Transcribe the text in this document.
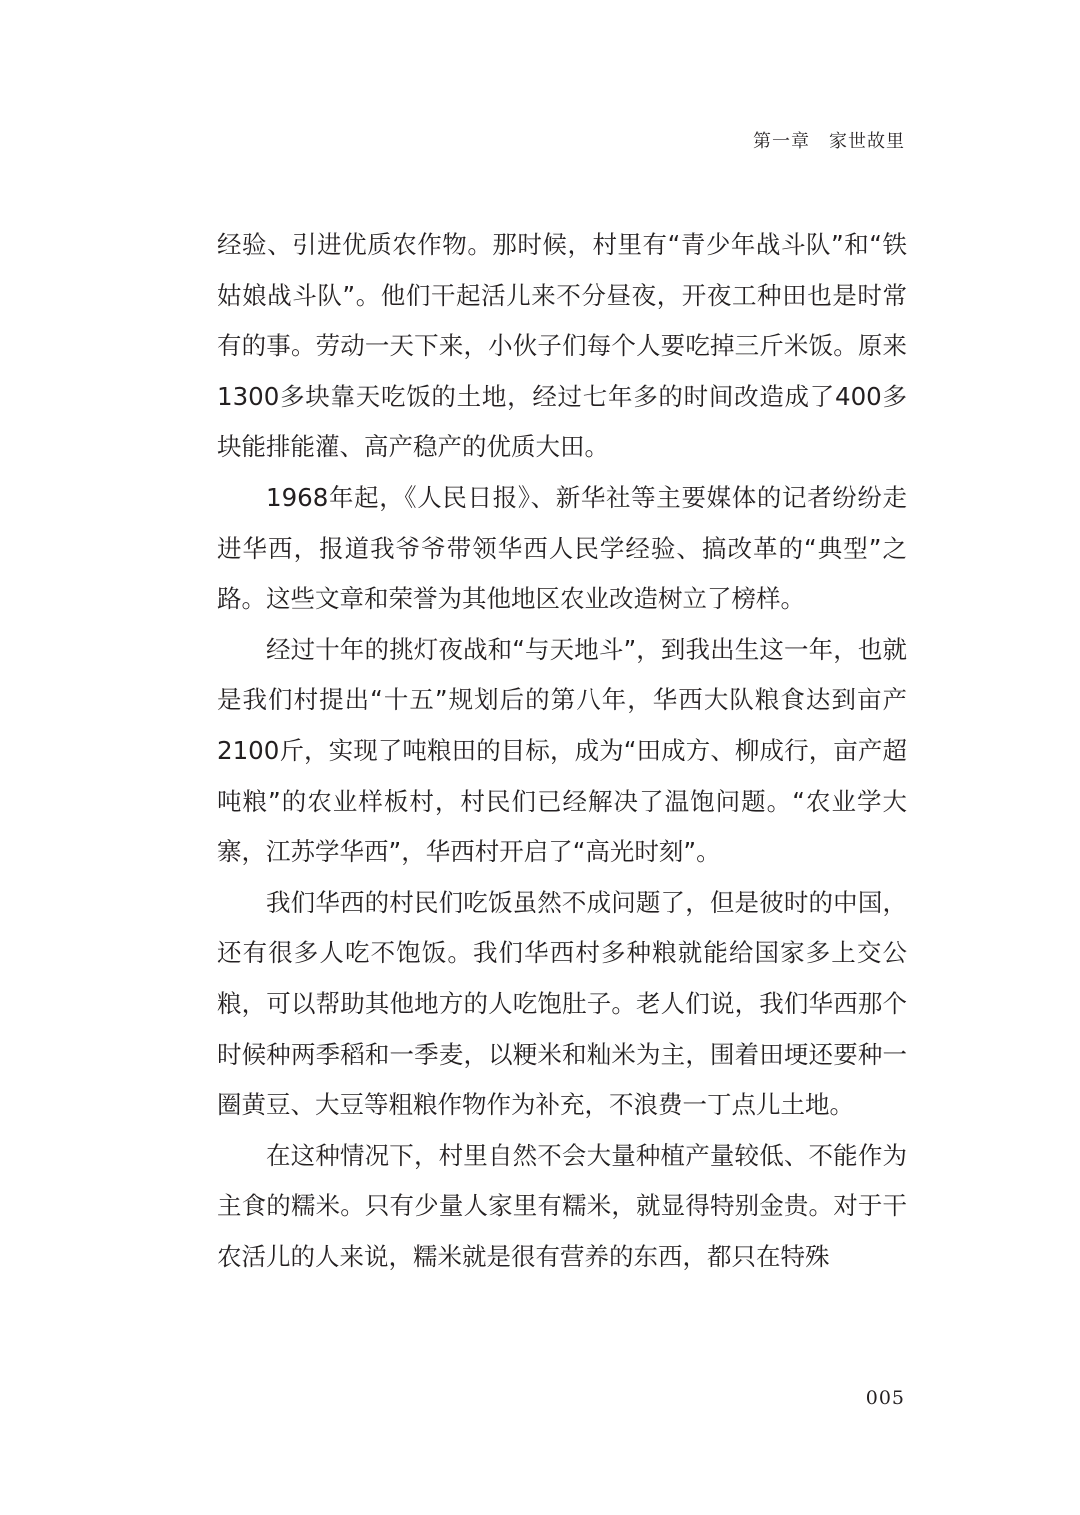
第一章　家世故里

经验、引进优质农作物。那时候，村里有“青少年战斗队”和“铁姑娘战斗队”。他们干起活儿来不分昼夜，开夜工种田也是时常有的事。劳动一天下来，小伙子们每个人要吃掉三斤米饭。原来1300多块靠天吃饭的土地，经过七年多的时间改造成了400多块能排能灌、高产稳产的优质大田。

1968年起，《人民日报》、新华社等主要媒体的记者纷纷走进华西，报道我爷爷带领华西人民学经验、搞改革的“典型”之路。这些文章和荣誉为其他地区农业改造树立了榜样。

经过十年的挑灯夜战和“与天地斗”，到我出生这一年，也就是我们村提出“十五”规划后的第八年，华西大队粮食达到亩产2100斤，实现了吨粮田的目标，成为“田成方、柳成行，亩产超吨粮”的农业样板村，村民们已经解决了温饱问题。“农业学大寨，江苏学华西”，华西村开启了“高光时刻”。

我们华西的村民们吃饭虽然不成问题了，但是彼时的中国，还有很多人吃不饱饭。我们华西村多种粮就能给国家多上交公粮，可以帮助其他地方的人吃饱肚子。老人们说，我们华西那个时候种两季稻和一季麦，以粳米和籼米为主，围着田埂还要种一圈黄豆、大豆等粗粮作物作为补充，不浪费一丁点儿土地。

在这种情况下，村里自然不会大量种植产量较低、不能作为主食的糯米。只有少量人家里有糯米，就显得特别金贵。对于干农活儿的人来说，糯米就是很有营养的东西，都只在特殊

005
